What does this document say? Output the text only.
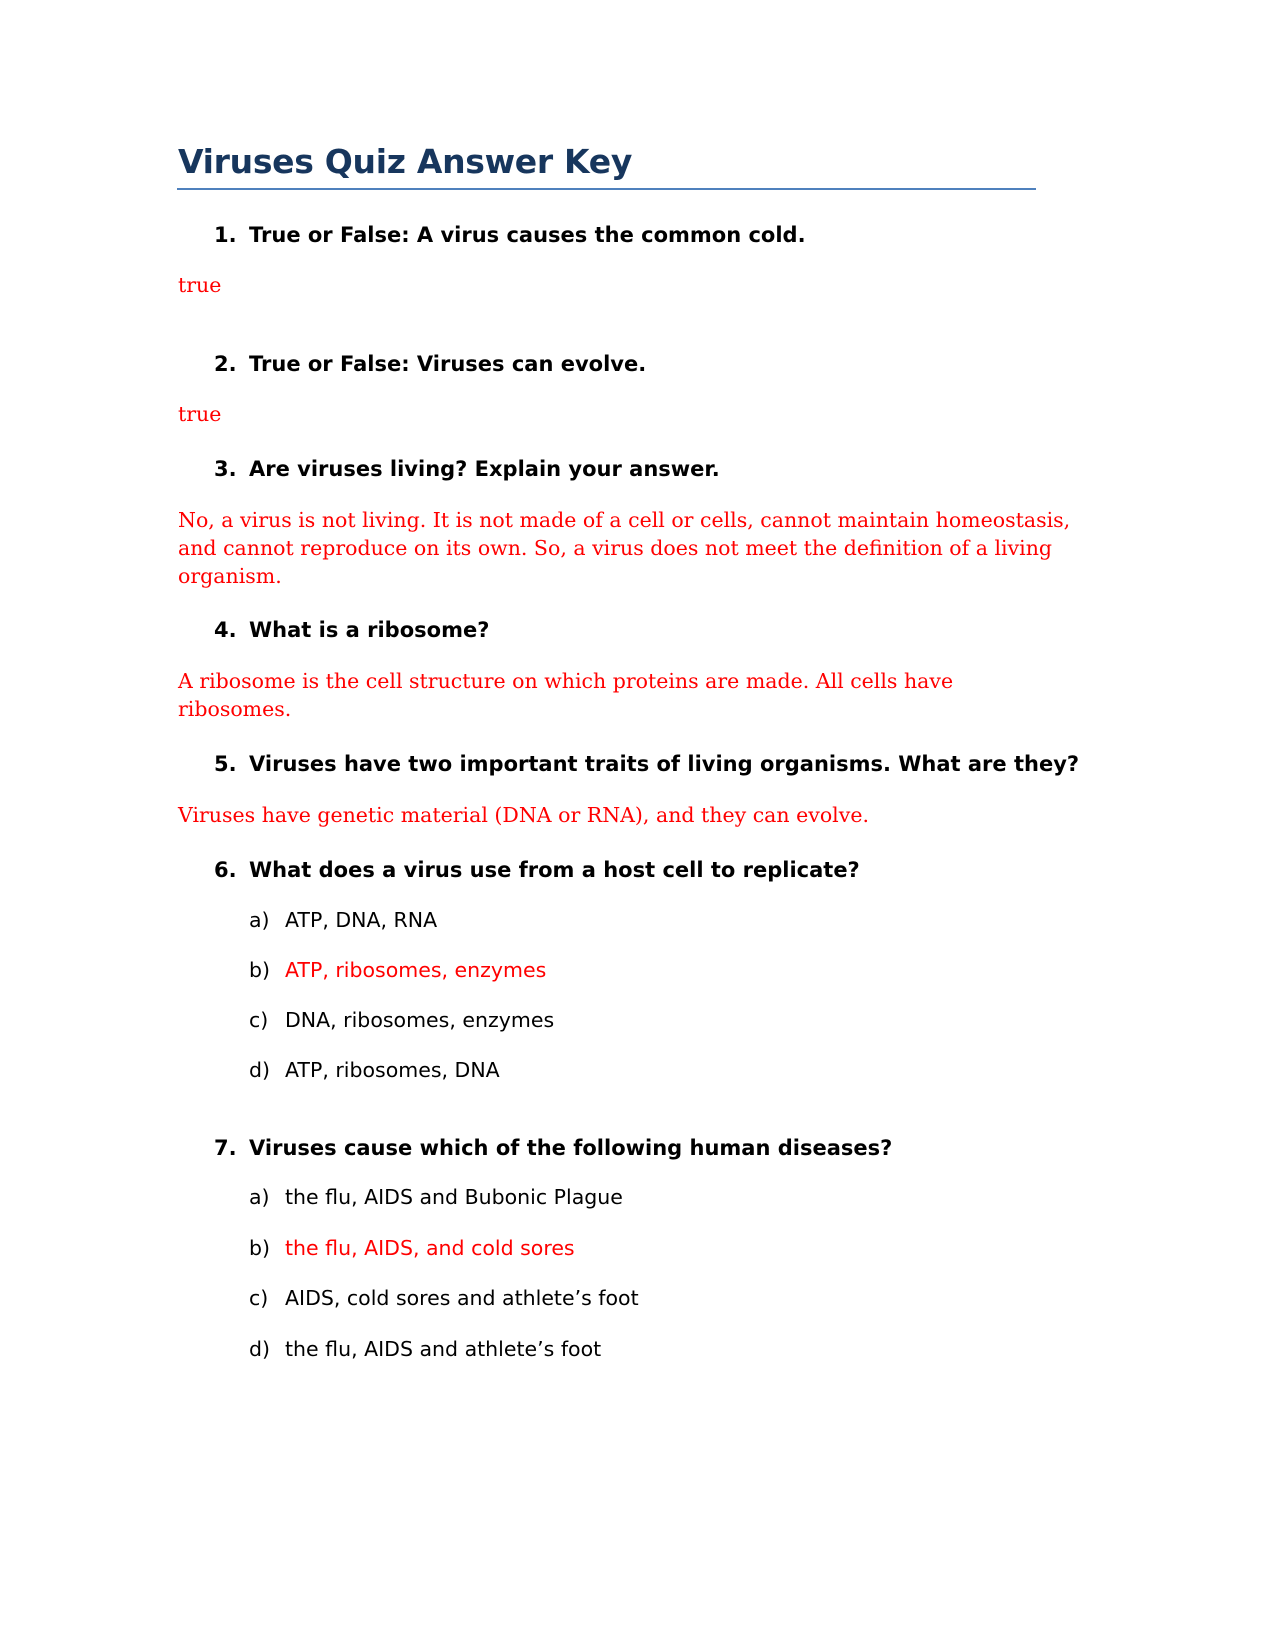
Viruses Quiz Answer Key

1. True or False: A virus causes the common cold.

true

2. True or False: Viruses can evolve.

true

3. Are viruses living? Explain your answer.

No, a virus is not living. It is not made of a cell or cells, cannot maintain homeostasis,
and cannot reproduce on its own. So, a virus does not meet the definition of a living
organism.

4. What is a ribosome?

A ribosome is the cell structure on which proteins are made. All cells have
ribosomes.

5. Viruses have two important traits of living organisms. What are they?

Viruses have genetic material (DNA or RNA), and they can evolve.

6. What does a virus use from a host cell to replicate?

a) ATP, DNA, RNA

b) ATP, ribosomes, enzymes

c) DNA, ribosomes, enzymes

d) ATP, ribosomes, DNA

7. Viruses cause which of the following human diseases?

a) the flu, AIDS and Bubonic Plague

b) the flu, AIDS, and cold sores

c) AIDS, cold sores and athlete’s foot

d) the flu, AIDS and athlete’s foot
